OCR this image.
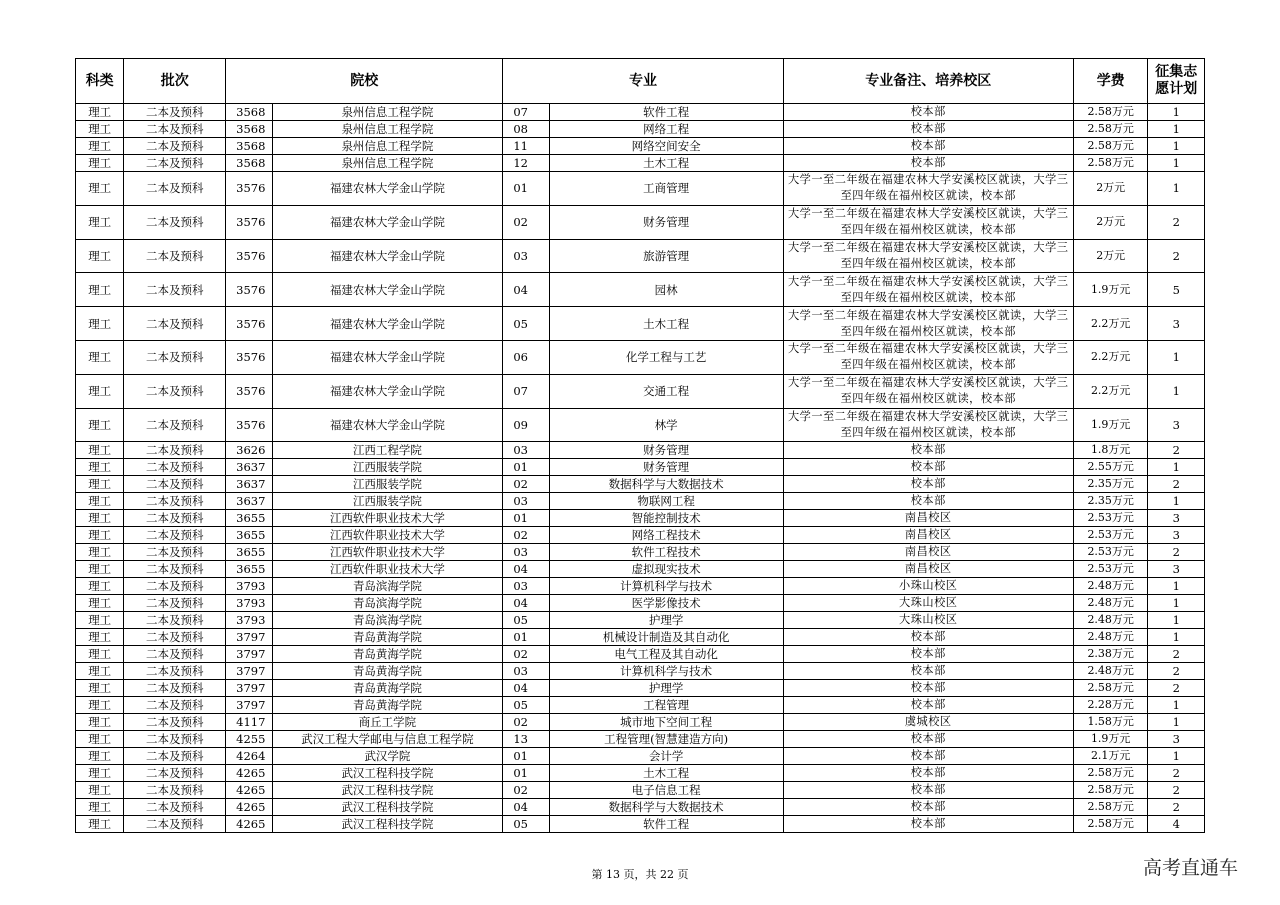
科类	批次	院校		专业		专业备注、培养校区	学费	征集志愿计划
理工	二本及预科	3568	泉州信息工程学院	07	软件工程	校本部	2.58万元	1
理工	二本及预科	3568	泉州信息工程学院	08	网络工程	校本部	2.58万元	1
理工	二本及预科	3568	泉州信息工程学院	11	网络空间安全	校本部	2.58万元	1
理工	二本及预科	3568	泉州信息工程学院	12	土木工程	校本部	2.58万元	1
理工	二本及预科	3576	福建农林大学金山学院	01	工商管理	大学一至二年级在福建农林大学安溪校区就读，大学三至四年级在福州校区就读，校本部	2万元	1
理工	二本及预科	3576	福建农林大学金山学院	02	财务管理	大学一至二年级在福建农林大学安溪校区就读，大学三至四年级在福州校区就读，校本部	2万元	2
理工	二本及预科	3576	福建农林大学金山学院	03	旅游管理	大学一至二年级在福建农林大学安溪校区就读，大学三至四年级在福州校区就读，校本部	2万元	2
理工	二本及预科	3576	福建农林大学金山学院	04	园林	大学一至二年级在福建农林大学安溪校区就读，大学三至四年级在福州校区就读，校本部	1.9万元	5
理工	二本及预科	3576	福建农林大学金山学院	05	土木工程	大学一至二年级在福建农林大学安溪校区就读，大学三至四年级在福州校区就读，校本部	2.2万元	3
理工	二本及预科	3576	福建农林大学金山学院	06	化学工程与工艺	大学一至二年级在福建农林大学安溪校区就读，大学三至四年级在福州校区就读，校本部	2.2万元	1
理工	二本及预科	3576	福建农林大学金山学院	07	交通工程	大学一至二年级在福建农林大学安溪校区就读，大学三至四年级在福州校区就读，校本部	2.2万元	1
理工	二本及预科	3576	福建农林大学金山学院	09	林学	大学一至二年级在福建农林大学安溪校区就读，大学三至四年级在福州校区就读，校本部	1.9万元	3
理工	二本及预科	3626	江西工程学院	03	财务管理	校本部	1.8万元	2
理工	二本及预科	3637	江西服装学院	01	财务管理	校本部	2.55万元	1
理工	二本及预科	3637	江西服装学院	02	数据科学与大数据技术	校本部	2.35万元	2
理工	二本及预科	3637	江西服装学院	03	物联网工程	校本部	2.35万元	1
理工	二本及预科	3655	江西软件职业技术大学	01	智能控制技术	南昌校区	2.53万元	3
理工	二本及预科	3655	江西软件职业技术大学	02	网络工程技术	南昌校区	2.53万元	3
理工	二本及预科	3655	江西软件职业技术大学	03	软件工程技术	南昌校区	2.53万元	2
理工	二本及预科	3655	江西软件职业技术大学	04	虚拟现实技术	南昌校区	2.53万元	3
理工	二本及预科	3793	青岛滨海学院	03	计算机科学与技术	小珠山校区	2.48万元	1
理工	二本及预科	3793	青岛滨海学院	04	医学影像技术	大珠山校区	2.48万元	1
理工	二本及预科	3793	青岛滨海学院	05	护理学	大珠山校区	2.48万元	1
理工	二本及预科	3797	青岛黄海学院	01	机械设计制造及其自动化	校本部	2.48万元	1
理工	二本及预科	3797	青岛黄海学院	02	电气工程及其自动化	校本部	2.38万元	2
理工	二本及预科	3797	青岛黄海学院	03	计算机科学与技术	校本部	2.48万元	2
理工	二本及预科	3797	青岛黄海学院	04	护理学	校本部	2.58万元	2
理工	二本及预科	3797	青岛黄海学院	05	工程管理	校本部	2.28万元	1
理工	二本及预科	4117	商丘工学院	02	城市地下空间工程	虞城校区	1.58万元	1
理工	二本及预科	4255	武汉工程大学邮电与信息工程学院	13	工程管理(智慧建造方向)	校本部	1.9万元	3
理工	二本及预科	4264	武汉学院	01	会计学	校本部	2.1万元	1
理工	二本及预科	4265	武汉工程科技学院	01	土木工程	校本部	2.58万元	2
理工	二本及预科	4265	武汉工程科技学院	02	电子信息工程	校本部	2.58万元	2
理工	二本及预科	4265	武汉工程科技学院	04	数据科学与大数据技术	校本部	2.58万元	2
理工	二本及预科	4265	武汉工程科技学院	05	软件工程	校本部	2.58万元	4
第 13 页，共 22 页	高考直通车
